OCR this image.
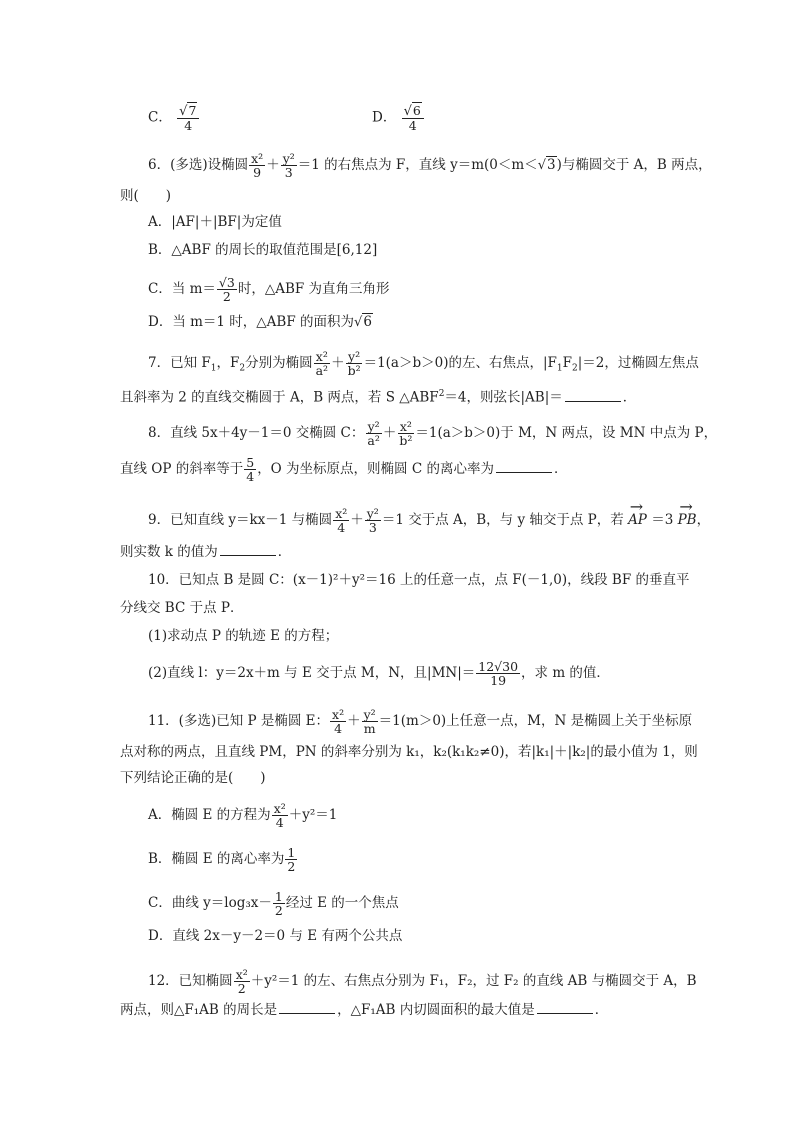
C． $\frac{√7}{4}$	D． $\frac{√6}{4}$
6．(多选)设椭圆 $\frac{\text{x²}}{9} + \frac{\text{y²}}{3} =1$ 的右焦点为 F，直线 y＝m(0＜m＜√3)与椭圆交于 A，B 两点，
则(　　)
A．|AF|＋|BF|为定值
B．△ABF 的周长的取值范围是[6,12]
C．当 $m= \frac{√3}{2}$ 时，△ABF 为直角三角形
D．当 m＝1 时，△ABF 的面积为√6
7．已知 $F_1$，$F_2$分别为椭圆 $\frac{\text{x²}}{\text{a²}} + \frac{\text{y²}}{\text{b²}} =1(a>b>0)$的左、右焦点，$|F_1F_2|=2$，过椭圆左焦点
且斜率为 2 的直线交椭圆于 A，B 两点，若 S $\triangle ABF^2=4$，则弦长|AB|＝	．
8．直线 5x＋4y－1＝0 交椭圆 C： $\frac{\text{y²}}{\text{a²}} + \frac{\text{x²}}{\text{b²}} =1(a>b>0)$于 M，N 两点，设 MN 中点为 P，
直线 OP 的斜率等于 $\frac{5}{4}$ ，O 为坐标原点，则椭圆 C 的离心率为	．
9．已知直线 y＝kx－1 与椭圆 $\frac{\text{x²}}{4} + \frac{\text{y²}}{3} =1$ 交于点 A，B，与 y 轴交于点 P，若 → AP ＝3 → PB，
则实数 k 的值为	．
10．已知点 B 是圆 C：(x－1)²＋y²＝16 上的任意一点，点 F(－1,0)，线段 BF 的垂直平
分线交 BC 于点 P．
(1)求动点 P 的轨迹 E 的方程；
(2)直线 l：y＝2x＋m 与 E 交于点 M，N，且$|MN|= \frac{12√30}{19}$ ，求 m 的值．
11．(多选)已知 P 是椭圆 E： $\frac{\text{x²}}{4} + \frac{\text{y²}}{m} =1(m>0)$上任意一点，M，N 是椭圆上关于坐标原
点对称的两点，且直线 PM，PN 的斜率分别为 k₁，k₂(k₁k₂≠0)，若|k₁|＋|k₂|的最小值为 1，则
下列结论正确的是(　　)
A．椭圆 E 的方程为 $\frac{\text{x²}}{4} +y^2=1$
B．椭圆 E 的离心率为 $\frac{1}{2}$
C．曲线 $y=\log_3x- \frac{1}{2}$ 经过 E 的一个焦点
D．直线 2x－y－2＝0 与 E 有两个公共点
12．已知椭圆 $\frac{\text{x²}}{2} +y^2=1$ 的左、右焦点分别为 F₁，F₂，过 F₂ 的直线 AB 与椭圆交于 A，B
两点，则△F₁AB 的周长是	，△F₁AB 内切圆面积的最大值是	．
